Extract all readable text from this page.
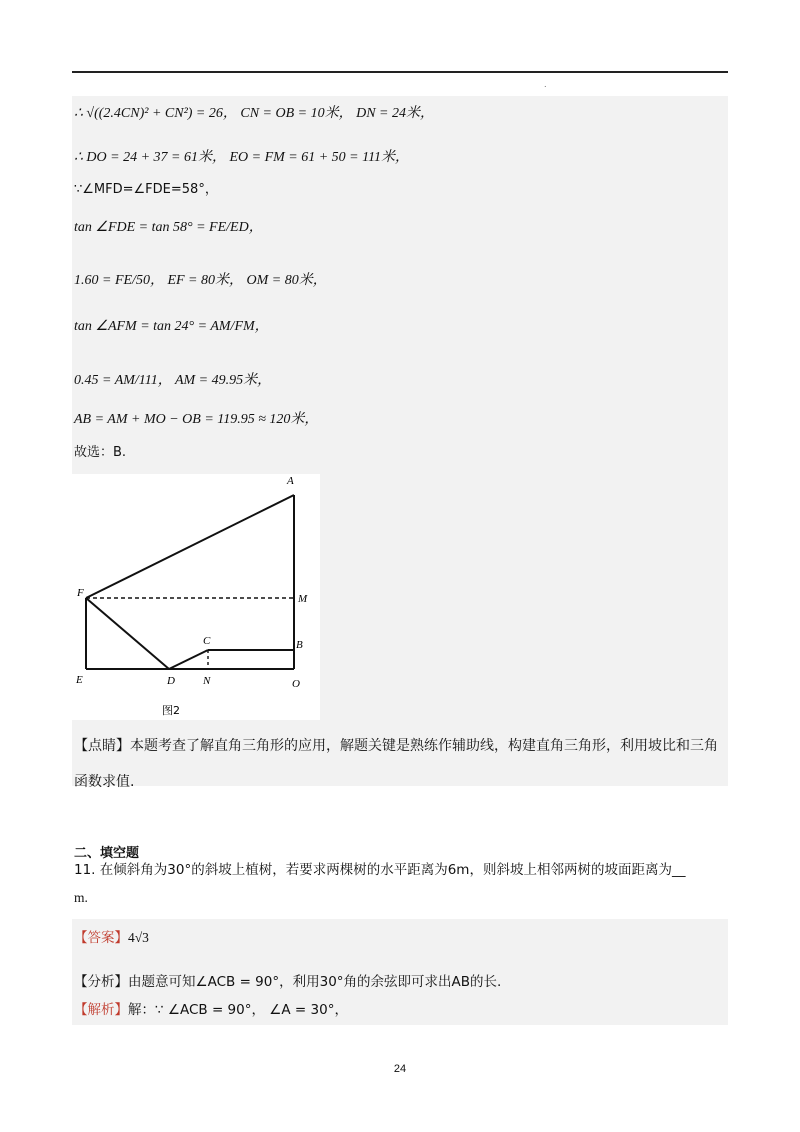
.
∴ √((2.4CN)² + CN²) = 26， CN = OB = 10米， DN = 24米，
∴ DO = 24 + 37 = 61米， EO = FM = 61 + 50 = 111米，
∵∠MFD=∠FDE=58°，
tan ∠FDE = tan 58° = FE/ED，
1.60 = FE/50， EF = 80米， OM = 80米，
tan ∠AFM = tan 24° = AM/FM，
0.45 = AM/111， AM = 49.95米，
AB = AM + MO − OB = 119.95 ≈ 120米，
故选：B.
A
F	M
C	B
E	D	N	O
图2
【点睛】本题考查了解直角三角形的应用，解题关键是熟练作辅助线，构建直角三角形，利用坡比和三角函数求值.
二、填空题
11. 在倾斜角为30°的斜坡上植树，若要求两棵树的水平距离为6m，则斜坡上相邻两树的坡面距离为__
m.
【答案】4√3
【分析】由题意可知∠ACB = 90°，利用30°角的余弦即可求出AB的长.
【解析】解：∵ ∠ACB = 90°， ∠A = 30°，
24
